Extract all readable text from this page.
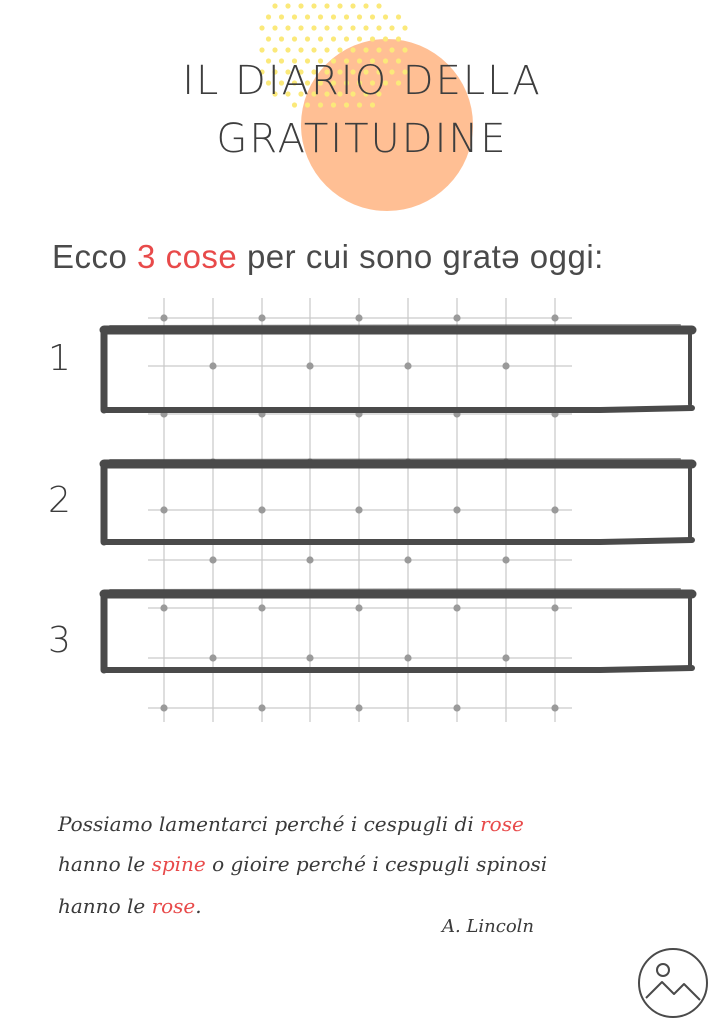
IL DIARIO DELLA
GRATITUDINE
Ecco 3 cose per cui sono gratə oggi:
1
2
3
Possiamo lamentarci perché i cespugli di rose
hanno le spine o gioire perché i cespugli spinosi
hanno le rose.
A. Lincoln
